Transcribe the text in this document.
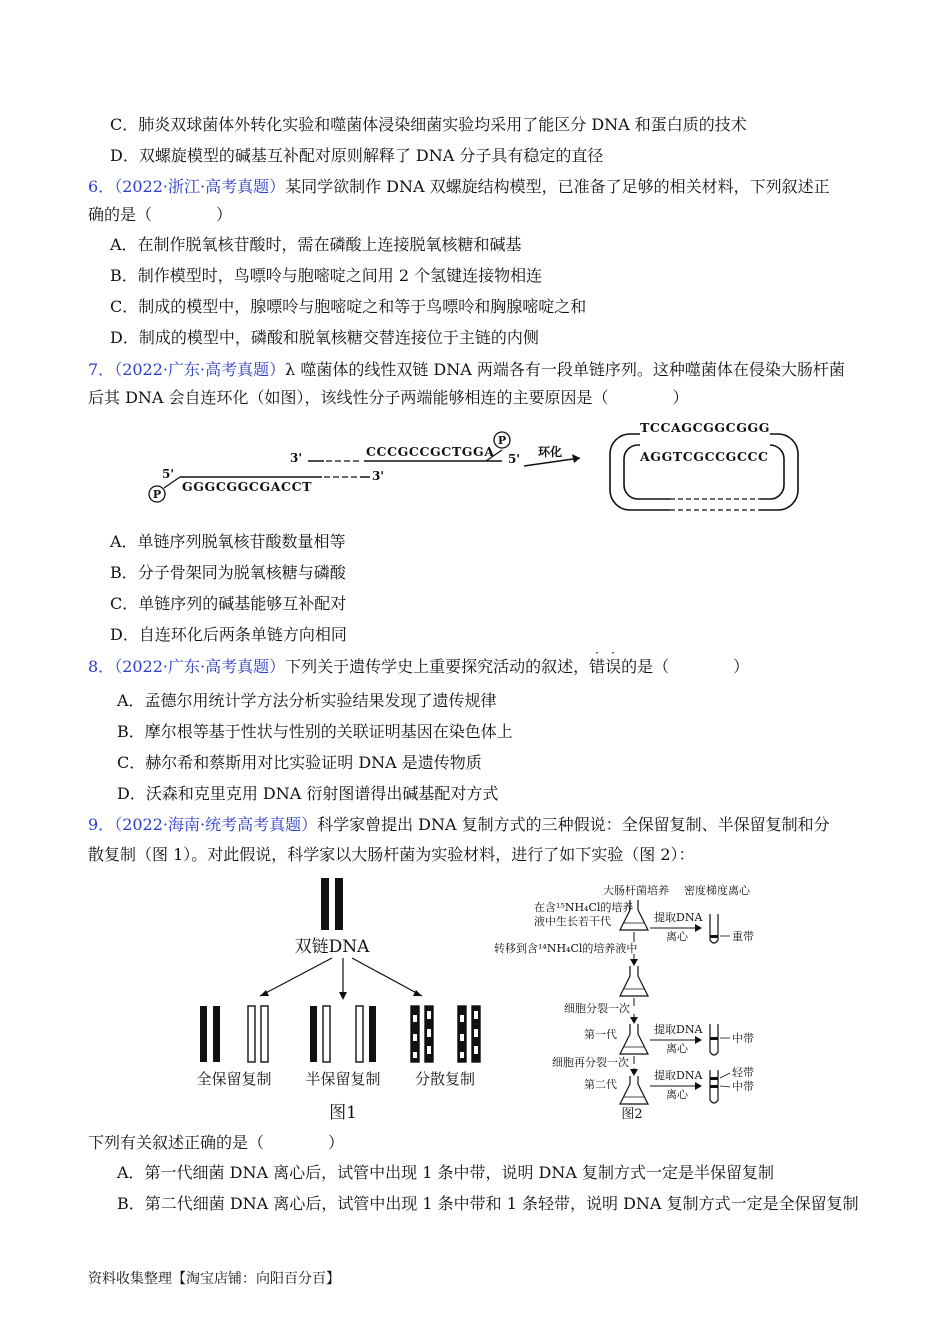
C．肺炎双球菌体外转化实验和噬菌体浸染细菌实验均采用了能区分 DNA 和蛋白质的技术
D．双螺旋模型的碱基互补配对原则解释了 DNA 分子具有稳定的直径
6．（2022·浙江·高考真题）某同学欲制作 DNA 双螺旋结构模型，已准备了足够的相关材料，下列叙述正
确的是（　　　　）
A．在制作脱氧核苷酸时，需在磷酸上连接脱氧核糖和碱基
B．制作模型时，鸟嘌呤与胞嘧啶之间用 2 个氢键连接物相连
C．制成的模型中，腺嘌呤与胞嘧啶之和等于鸟嘌呤和胸腺嘧啶之和
D．制成的模型中，磷酸和脱氧核糖交替连接位于主链的内侧
7．（2022·广东·高考真题）λ 噬菌体的线性双链 DNA 两端各有一段单链序列。这种噬菌体在侵染大肠杆菌
后其 DNA 会自连环化（如图），该线性分子两端能够相连的主要原因是（　　　　）
3'	CCCGCCGCTGGA
P
5'
5'
P
GGGCGGCGACCT
3'
环化
TCCAGCGGCGGG
AGGTCGCCGCCC
A．单链序列脱氧核苷酸数量相等
B．分子骨架同为脱氧核糖与磷酸
C．单链序列的碱基能够互补配对
D．自连环化后两条单链方向相同
8．（2022·广东·高考真题）下列关于遗传学史上重要探究活动的叙述，
·
错
·
误的是（　　　　）
A．孟德尔用统计学方法分析实验结果发现了遗传规律
B．摩尔根等基于性状与性别的关联证明基因在染色体上
C．赫尔希和蔡斯用对比实验证明 DNA 是遗传物质
D．沃森和克里克用 DNA 衍射图谱得出碱基配对方式
9．（2022·海南·统考高考真题）科学家曾提出 DNA 复制方式的三种假说：全保留复制、半保留复制和分
散复制（图 1）。对此假说，科学家以大肠杆菌为实验材料，进行了如下实验（图 2）：
双链DNA
全保留复制 半保留复制 分散复制
图1
大肠杆菌培养 密度梯度离心
在含¹⁵NH₄Cl的培养
液中生长若干代	提取DNA
离心	重带
转移到含¹⁴NH₄Cl的培养液中
细胞分裂一次
第一代	提取DNA
离心
中带
细胞再分裂一次
第二代
提取DNA
离心
轻带
中带
图2
下列有关叙述正确的是（　　　　）
A．第一代细菌 DNA 离心后，试管中出现 1 条中带，说明 DNA 复制方式一定是半保留复制
B．第二代细菌 DNA 离心后，试管中出现 1 条中带和 1 条轻带，说明 DNA 复制方式一定是全保留复制
资料收集整理【淘宝店铺：向阳百分百】
